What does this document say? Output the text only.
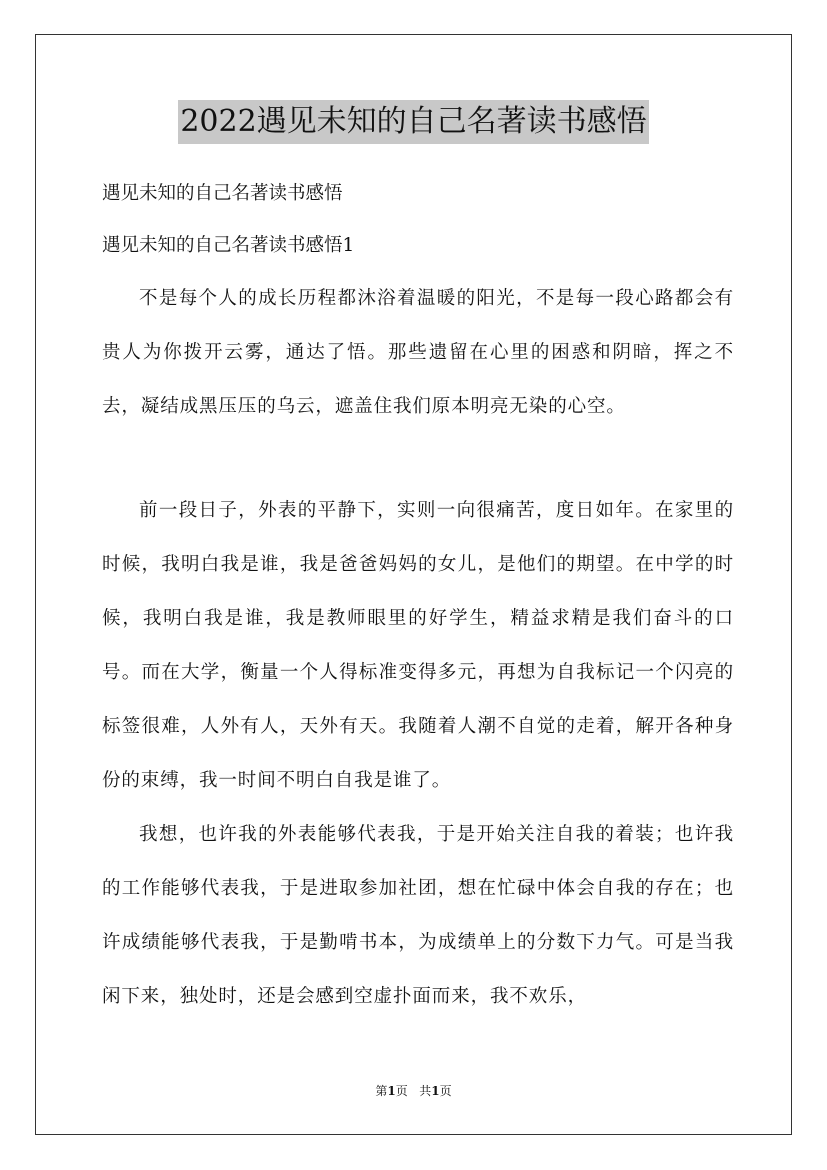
2022遇见未知的自己名著读书感悟

遇见未知的自己名著读书感悟

遇见未知的自己名著读书感悟1

不是每个人的成长历程都沐浴着温暖的阳光，不是每一段心路都会有贵人为你拨开云雾，通达了悟。那些遗留在心里的困惑和阴暗，挥之不去，凝结成黑压压的乌云，遮盖住我们原本明亮无染的心空。

前一段日子，外表的平静下，实则一向很痛苦，度日如年。在家里的时候，我明白我是谁，我是爸爸妈妈的女儿，是他们的期望。在中学的时候，我明白我是谁，我是教师眼里的好学生，精益求精是我们奋斗的口号。而在大学，衡量一个人得标准变得多元，再想为自我标记一个闪亮的标签很难，人外有人，天外有天。我随着人潮不自觉的走着，解开各种身份的束缚，我一时间不明白自我是谁了。

我想，也许我的外表能够代表我，于是开始关注自我的着装；也许我的工作能够代表我，于是进取参加社团，想在忙碌中体会自我的存在；也许成绩能够代表我，于是勤啃书本，为成绩单上的分数下力气。可是当我闲下来，独处时，还是会感到空虚扑面而来，我不欢乐，

第1页 共1页
